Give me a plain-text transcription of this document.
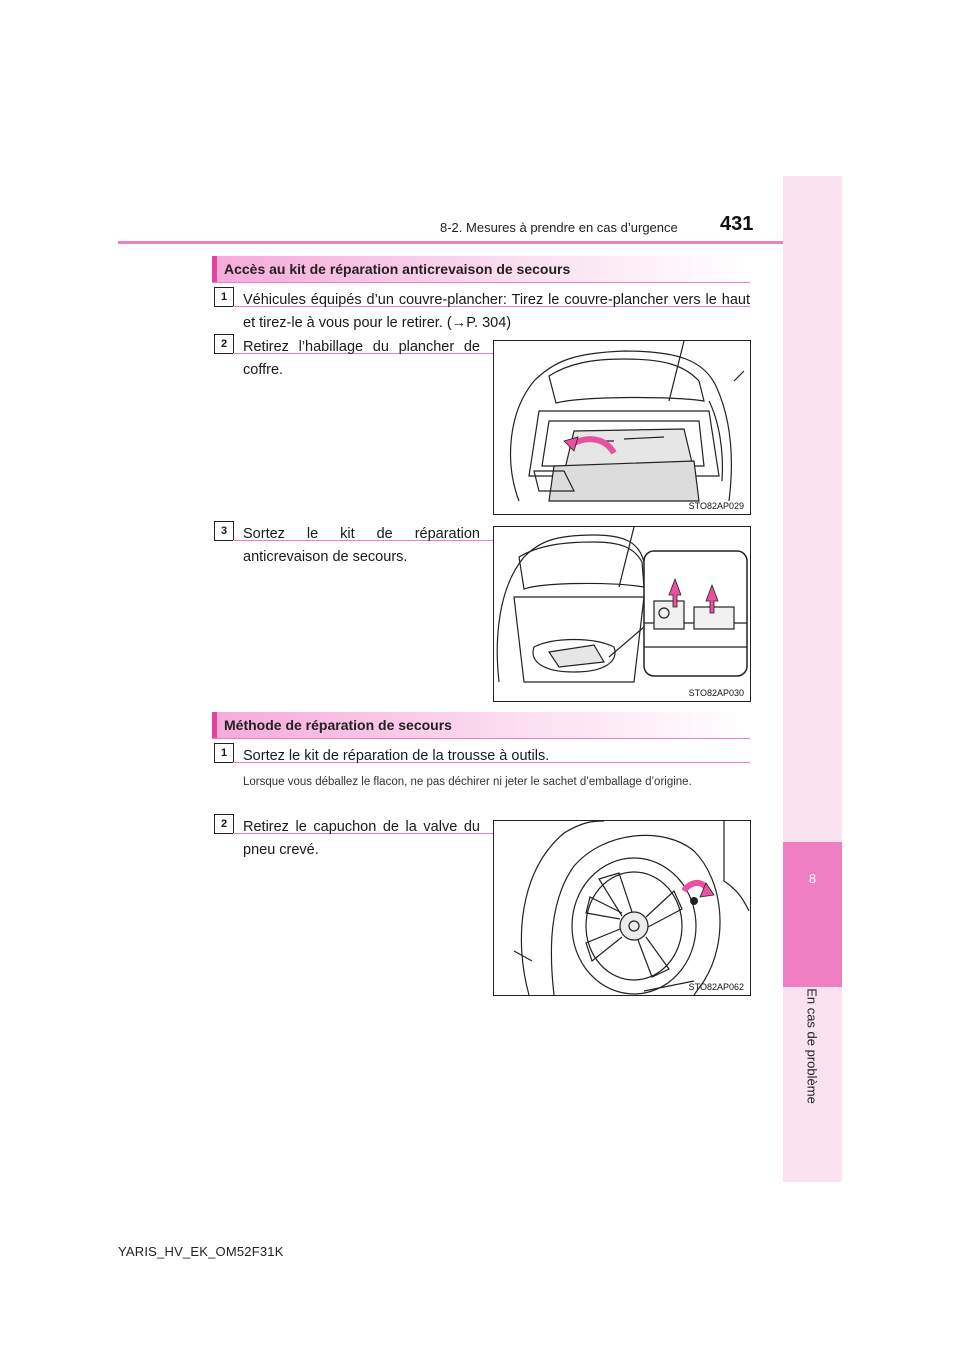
8
En cas de problème
8-2. Mesures à prendre en cas d’urgence 431
Accès au kit de réparation anticrevaison de secours
1	Véhicules équipés d’un couvre-plancher: Tirez le couvre-plancher vers le haut et tirez-le à vous pour le retirer. (→P. 304)
2	Retirez l’habillage du plancher de coffre.
STO82AP029
3	Sortez le kit de réparation anticrevaison de secours.
STO82AP030
Méthode de réparation de secours
1	Sortez le kit de réparation de la trousse à outils.
Lorsque vous déballez le flacon, ne pas déchirer ni jeter le sachet d’emballage d’origine.
2	Retirez le capuchon de la valve du pneu crevé.
STO82AP062
YARIS_HV_EK_OM52F31K
